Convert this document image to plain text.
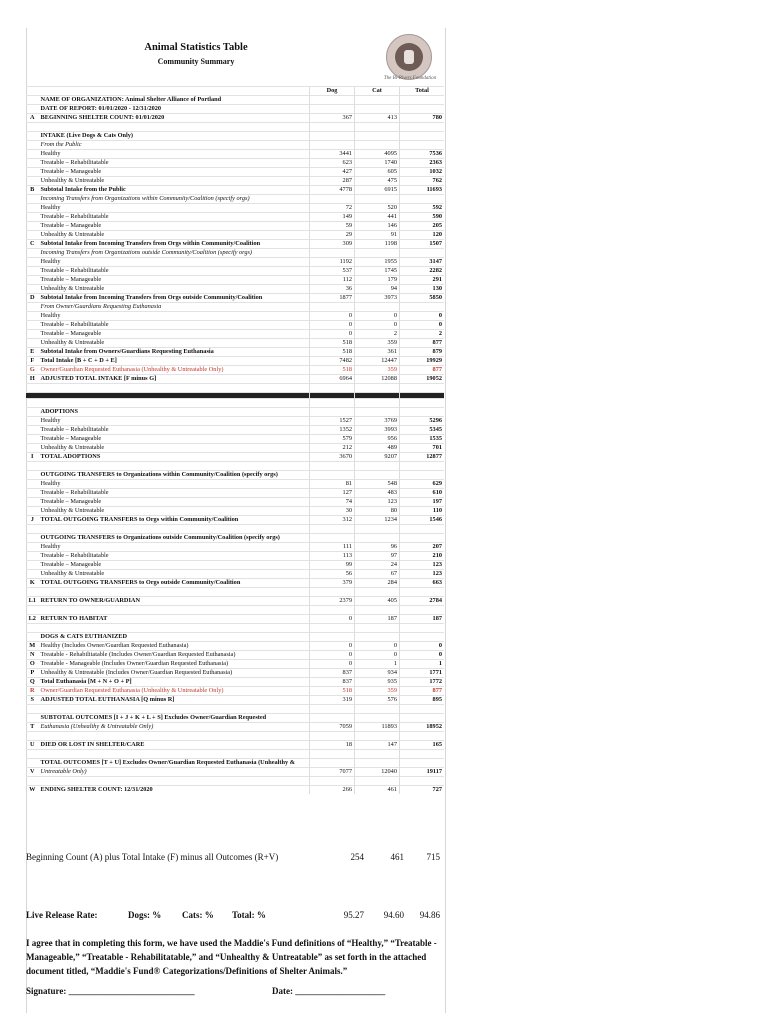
Animal Statistics Table
Community Summary
The Bi-Rivers Foundation
		Dog	Cat	Total
	NAME OF ORGANIZATION: Animal Shelter Alliance of Portland			
	DATE OF REPORT: 01/01/2020 - 12/31/2020			
A	BEGINNING SHELTER COUNT: 01/01/2020	367	413	780

	INTAKE (Live Dogs & Cats Only)			
	From the Public			
	Healthy	3441	4095	7536
	Treatable – Rehabilitatable	623	1740	2363
	Treatable – Manageable	427	605	1032
	Unhealthy & Untreatable	287	475	762
B	Subtotal Intake from the Public	4778	6915	11693
	Incoming Transfers from Organizations within Community/Coalition (specify orgs)			
	Healthy	72	520	592
	Treatable – Rehabilitatable	149	441	590
	Treatable – Manageable	59	146	205
	Unhealthy & Untreatable	29	91	120
C	Subtotal Intake from Incoming Transfers from Orgs within Community/Coalition	309	1198	1507
	Incoming Transfers from Organizations outside Community/Coalition (specify orgs)			
	Healthy	1192	1955	3147
	Treatable – Rehabilitatable	537	1745	2282
	Treatable – Manageable	112	179	291
	Unhealthy & Untreatable	36	94	130
D	Subtotal Intake from Incoming Transfers from Orgs outside Community/Coalition	1877	3973	5850
	From Owner/Guardians Requesting Euthanasia			
	Healthy	0	0	0
	Treatable – Rehabilitatable	0	0	0
	Treatable – Manageable	0	2	2
	Unhealthy & Untreatable	518	359	877
E	Subtotal Intake from Owners/Guardians Requesting Euthanasia	518	361	879
F	Total Intake [B + C + D + E]	7482	12447	19929
G	Owner/Guardian Requested Euthanasia (Unhealthy & Untreatable Only)	518	359	877
H	ADJUSTED TOTAL INTAKE [F minus G]	6964	12088	19052

	ADOPTIONS			
	Healthy	1527	3769	5296
	Treatable – Rehabilitatable	1352	3993	5345
	Treatable – Manageable	579	956	1535
	Unhealthy & Untreatable	212	489	701
I	TOTAL ADOPTIONS	3670	9207	12877

	OUTGOING TRANSFERS to Organizations within Community/Coalition (specify orgs)			
	Healthy	81	548	629
	Treatable – Rehabilitatable	127	483	610
	Treatable – Manageable	74	123	197
	Unhealthy & Untreatable	30	80	110
J	TOTAL OUTGOING TRANSFERS to Orgs within Community/Coalition	312	1234	1546

	OUTGOING TRANSFERS to Organizations outside Community/Coalition (specify orgs)			
	Healthy	111	96	207
	Treatable – Rehabilitatable	113	97	210
	Treatable – Manageable	99	24	123
	Unhealthy & Untreatable	56	67	123
K	TOTAL OUTGOING TRANSFERS to Orgs outside Community/Coalition	379	284	663

L1	RETURN TO OWNER/GUARDIAN	2379	405	2784

L2	RETURN TO HABITAT	0	187	187

	DOGS & CATS EUTHANIZED			
M	Healthy (Includes Owner/Guardian Requested Euthanasia)	0	0	0
N	Treatable - Rehabilitatable (Includes Owner/Guardian Requested Euthanasia)	0	0	0
O	Treatable - Manageable (Includes Owner/Guardian Requested Euthanasia)	0	1	1
P	Unhealthy & Untreatable (Includes Owner/Guardian Requested Euthanasia)	837	934	1771
Q	Total Euthanasia [M + N + O + P]	837	935	1772
R	Owner/Guardian Requested Euthanasia (Unhealthy & Untreatable Only)	518	359	877
S	ADJUSTED TOTAL EUTHANASIA [Q minus R]	319	576	895

	SUBTOTAL OUTCOMES [I + J + K + L + S] Excludes Owner/Guardian Requested			
T	Euthanasia (Unhealthy & Untreatable Only)	7059	11893	18952

U	DIED OR LOST IN SHELTER/CARE	18	147	165

	TOTAL OUTCOMES [T + U] Excludes Owner/Guardian Requested Euthanasia (Unhealthy &			
V	Untreatable Only)	7077	12040	19117

W	ENDING SHELTER COUNT: 12/31/2020	266	461	727
Beginning Count (A) plus Total Intake (F) minus all Outcomes (R+V)	254	461	715
Live Release Rate:	Dogs: % Cats: % Total: %	95.27	94.60	94.86
I agree that in completing this form, we have used the Maddie's Fund definitions of “Healthy,” “Treatable - Manageable,” “Treatable - Rehabilitatable,” and “Unhealthy & Untreatable” as set forth in the attached document titled, “Maddie's Fund® Categorizations/Definitions of Shelter Animals.”
Signature: ____________________________	Date: ____________________
